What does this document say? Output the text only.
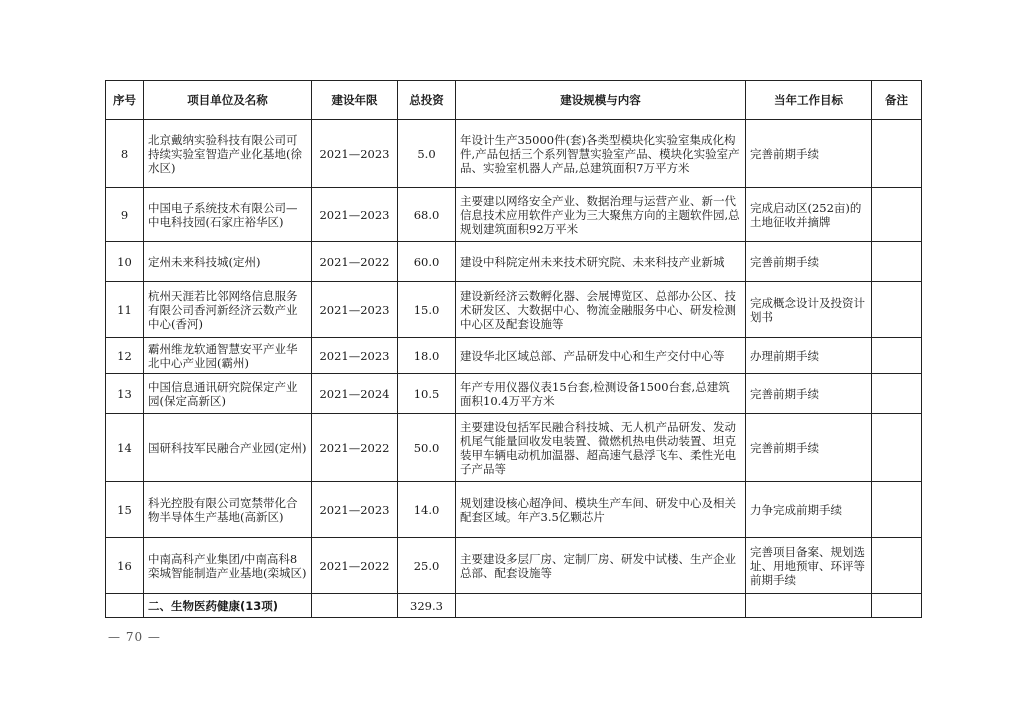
序号	项目单位及名称	建设年限	总投资	建设规模与内容	当年工作目标	备注
8	北京戴纳实验科技有限公司可持续实验室智造产业化基地(徐水区)	2021—2023	5.0	年设计生产35000件(套)各类型模块化实验室集成化构件,产品包括三个系列智慧实验室产品、模块化实验室产品、实验室机器人产品,总建筑面积7万平方米	完善前期手续	
9	中国电子系统技术有限公司—中电科技园(石家庄裕华区)	2021—2023	68.0	主要建以网络安全产业、数据治理与运营产业、新一代信息技术应用软件产业为三大聚焦方向的主题软件园,总规划建筑面积92万平米	完成启动区(252亩)的土地征收并摘牌	
10	定州未来科技城(定州)	2021—2022	60.0	建设中科院定州未来技术研究院、未来科技产业新城	完善前期手续	
11	杭州天涯若比邻网络信息服务有限公司香河新经济云数产业中心(香河)	2021—2023	15.0	建设新经济云数孵化器、会展博览区、总部办公区、技术研发区、大数据中心、物流金融服务中心、研发检测中心区及配套设施等	完成概念设计及投资计划书	
12	霸州维龙软通智慧安平产业华北中心产业园(霸州)	2021—2023	18.0	建设华北区域总部、产品研发中心和生产交付中心等	办理前期手续	
13	中国信息通讯研究院保定产业园(保定高新区)	2021—2024	10.5	年产专用仪器仪表15台套,检测设备1500台套,总建筑面积10.4万平方米	完善前期手续	
14	国研科技军民融合产业园(定州)	2021—2022	50.0	主要建设包括军民融合科技城、无人机产品研发、发动机尾气能量回收发电装置、微燃机热电供动装置、坦克装甲车辆电动机加温器、超高速气悬浮飞车、柔性光电子产品等	完善前期手续	
15	科光控股有限公司宽禁带化合物半导体生产基地(高新区)	2021—2023	14.0	规划建设核心超净间、模块生产车间、研发中心及相关配套区域。年产3.5亿颗芯片	力争完成前期手续	
16	中南高科产业集团/中南高科8 栾城智能制造产业基地(栾城区)	2021—2022	25.0	主要建设多层厂房、定制厂房、研发中试楼、生产企业总部、配套设施等	完善项目备案、规划选址、用地预审、环评等前期手续	
	二、生物医药健康(13项)		329.3			
— 70 —
